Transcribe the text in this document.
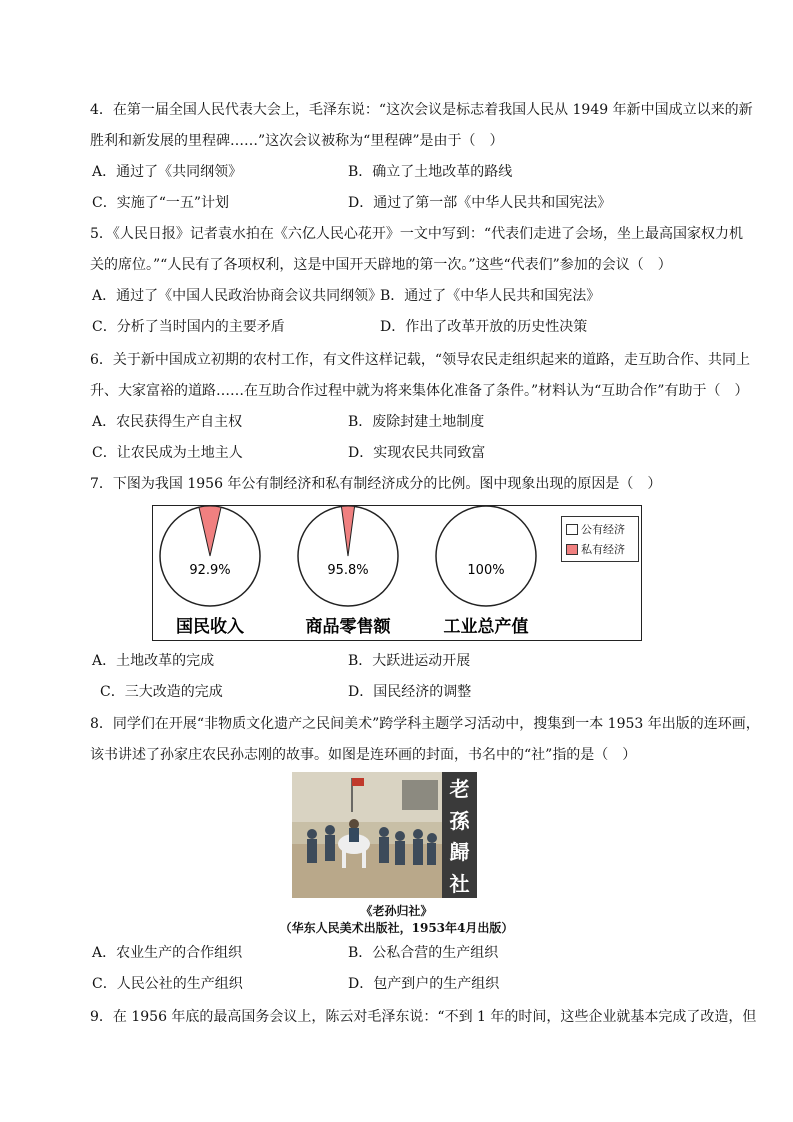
4．在第一届全国人民代表大会上，毛泽东说：“这次会议是标志着我国人民从 1949 年新中国成立以来的新
胜利和新发展的里程碑……”这次会议被称为“里程碑”是由于（　）
A．通过了《共同纲领》	B．确立了土地改革的路线
C．实施了“一五”计划	D．通过了第一部《中华人民共和国宪法》
5．《人民日报》记者袁水拍在《六亿人民心花开》一文中写到：“代表们走进了会场，坐上最高国家权力机
关的席位。”“人民有了各项权利，这是中国开天辟地的第一次。”这些“代表们”参加的会议（　）
A．通过了《中国人民政治协商会议共同纲领》
B．通过了《中华人民共和国宪法》
C．分析了当时国内的主要矛盾	D．作出了改革开放的历史性决策
6．关于新中国成立初期的农村工作，有文件这样记载，“领导农民走组织起来的道路，走互助合作、共同上
升、大家富裕的道路……在互助合作过程中就为将来集体化准备了条件。”材料认为“互助合作”有助于（　）
A．农民获得生产自主权	B．废除封建土地制度
C．让农民成为土地主人	D．实现农民共同致富
7．下图为我国 1956 年公有制经济和私有制经济成分的比例。图中现象出现的原因是（　）
92.9%
国民收入
95.8%
商品零售额
100%
工业总产值
公有经济
私有经济
A．土地改革的完成	B．大跃进运动开展
C．三大改造的完成	D．国民经济的调整
8．同学们在开展“非物质文化遗产之民间美术”跨学科主题学习活动中，搜集到一本 1953 年出版的连环画，
该书讲述了孙家庄农民孙志刚的故事。如图是连环画的封面，书名中的“社”指的是（　）
老
孫
歸
社
《老孙归社》
（华东人民美术出版社，1953年4月出版）
A．农业生产的合作组织	B．公私合营的生产组织
C．人民公社的生产组织	D．包产到户的生产组织
9．在 1956 年底的最高国务会议上，陈云对毛泽东说：“不到 1 年的时间，这些企业就基本完成了改造，但
